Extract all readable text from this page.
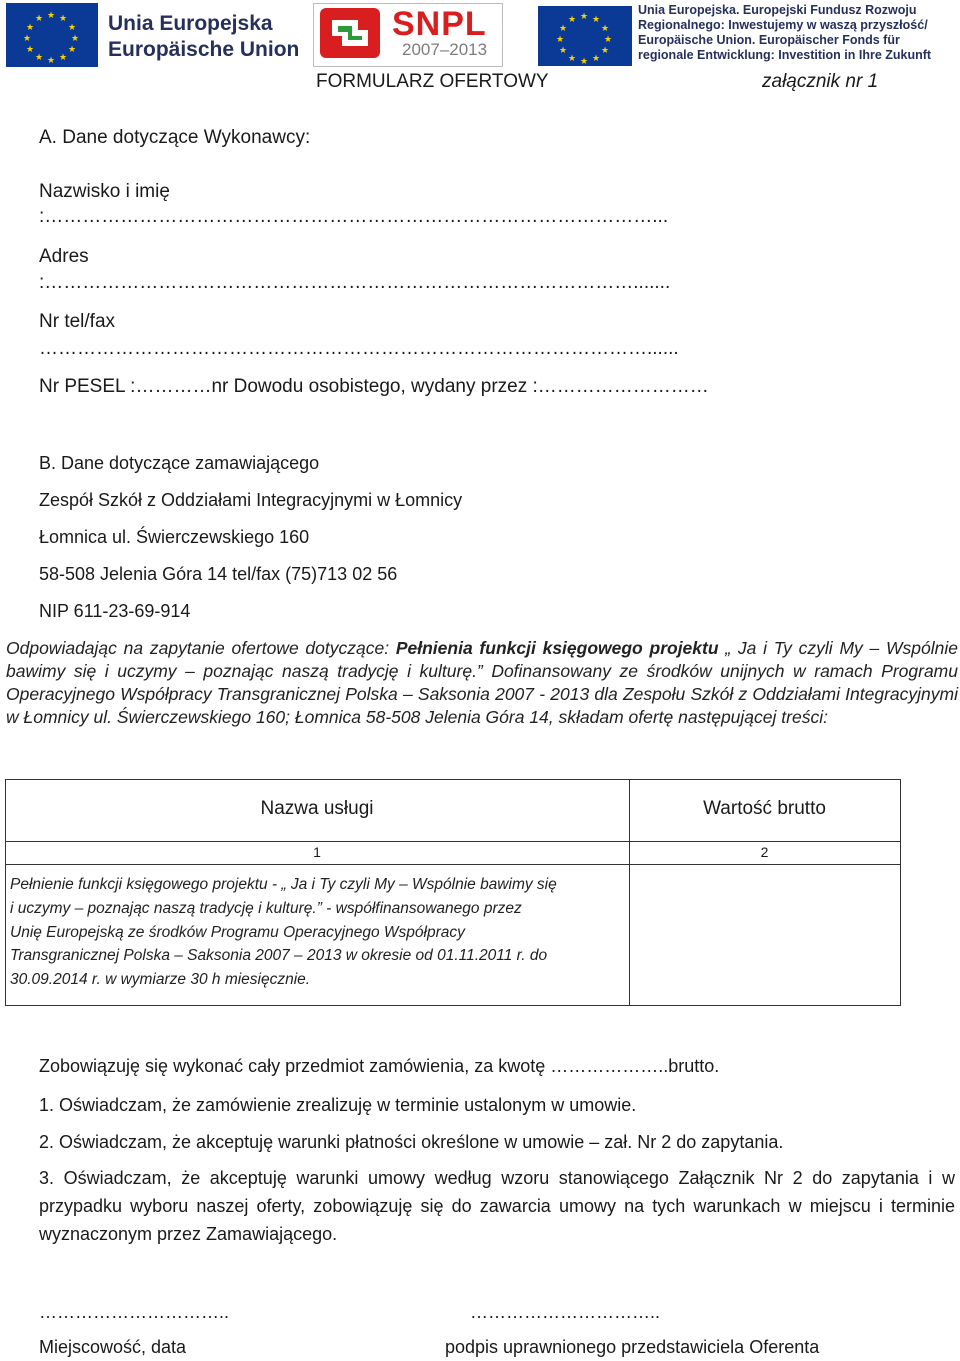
★ ★
★
★
★
★
★
★
★
★
★
★	Unia Europejska
Europäische Union
SNPL
2007–2013
★ ★
★
★
★
★
★
★
★
★
★
★
Unia Europejska. Europejski Fundusz Rozwoju
Regionalnego: Inwestujemy w waszą przyszłość/
Europäische Union. Europäischer Fonds für
regionale Entwicklung: Investition in Ihre Zukunft
FORMULARZ OFERTOWY	załącznik nr 1
A. Dane dotyczące Wykonawcy:
Nazwisko i imię
:……………………………………………………………………………………...
Adres
:………………………………………………………………………………….......
Nr tel/fax
……………………………………………………………………………………......
Nr PESEL :…………nr Dowodu osobistego, wydany przez :………………………
B. Dane dotyczące zamawiającego
Zespół Szkół z Oddziałami Integracyjnymi w Łomnicy
Łomnica ul. Świerczewskiego 160
58-508 Jelenia Góra 14 tel/fax (75)713 02 56
NIP 611-23-69-914
Odpowiadając na zapytanie ofertowe dotyczące: Pełnienia funkcji księgowego projektu „ Ja i Ty czyli My – Wspólnie bawimy się i uczymy – poznając naszą tradycję i kulturę.” Dofinansowany ze środków unijnych w ramach Programu Operacyjnego Współpracy Transgranicznej Polska – Saksonia 2007 - 2013 dla Zespołu Szkół z Oddziałami Integracyjnymi w Łomnicy ul. Świerczewskiego 160; Łomnica 58-508 Jelenia Góra 14, składam ofertę następującej treści:
Nazwa usługi	Wartość brutto
1	2
Pełnienie funkcji księgowego projektu - „ Ja i Ty czyli My – Wspólnie bawimy się
i uczymy – poznając naszą tradycję i kulturę.” - współfinansowanego przez
Unię Europejską ze środków Programu Operacyjnego Współpracy
Transgranicznej Polska – Saksonia 2007 – 2013 w okresie od 01.11.2011 r. do
30.09.2014 r. w wymiarze 30 h miesięcznie.
Zobowiązuję się wykonać cały przedmiot zamówienia, za kwotę ………………..brutto.
1. Oświadczam, że zamówienie zrealizuję w terminie ustalonym w umowie.
2. Oświadczam, że akceptuję warunki płatności określone w umowie – zał. Nr 2 do zapytania.
3. Oświadczam, że akceptuję warunki umowy według wzoru stanowiącego Załącznik Nr 2 do zapytania i w przypadku wyboru naszej oferty, zobowiązuję się do zawarcia umowy na tych warunkach w miejscu i terminie wyznaczonym przez Zamawiającego.
…………………………..
Miejscowość, data
…………………………..
podpis uprawnionego przedstawiciela Oferenta
